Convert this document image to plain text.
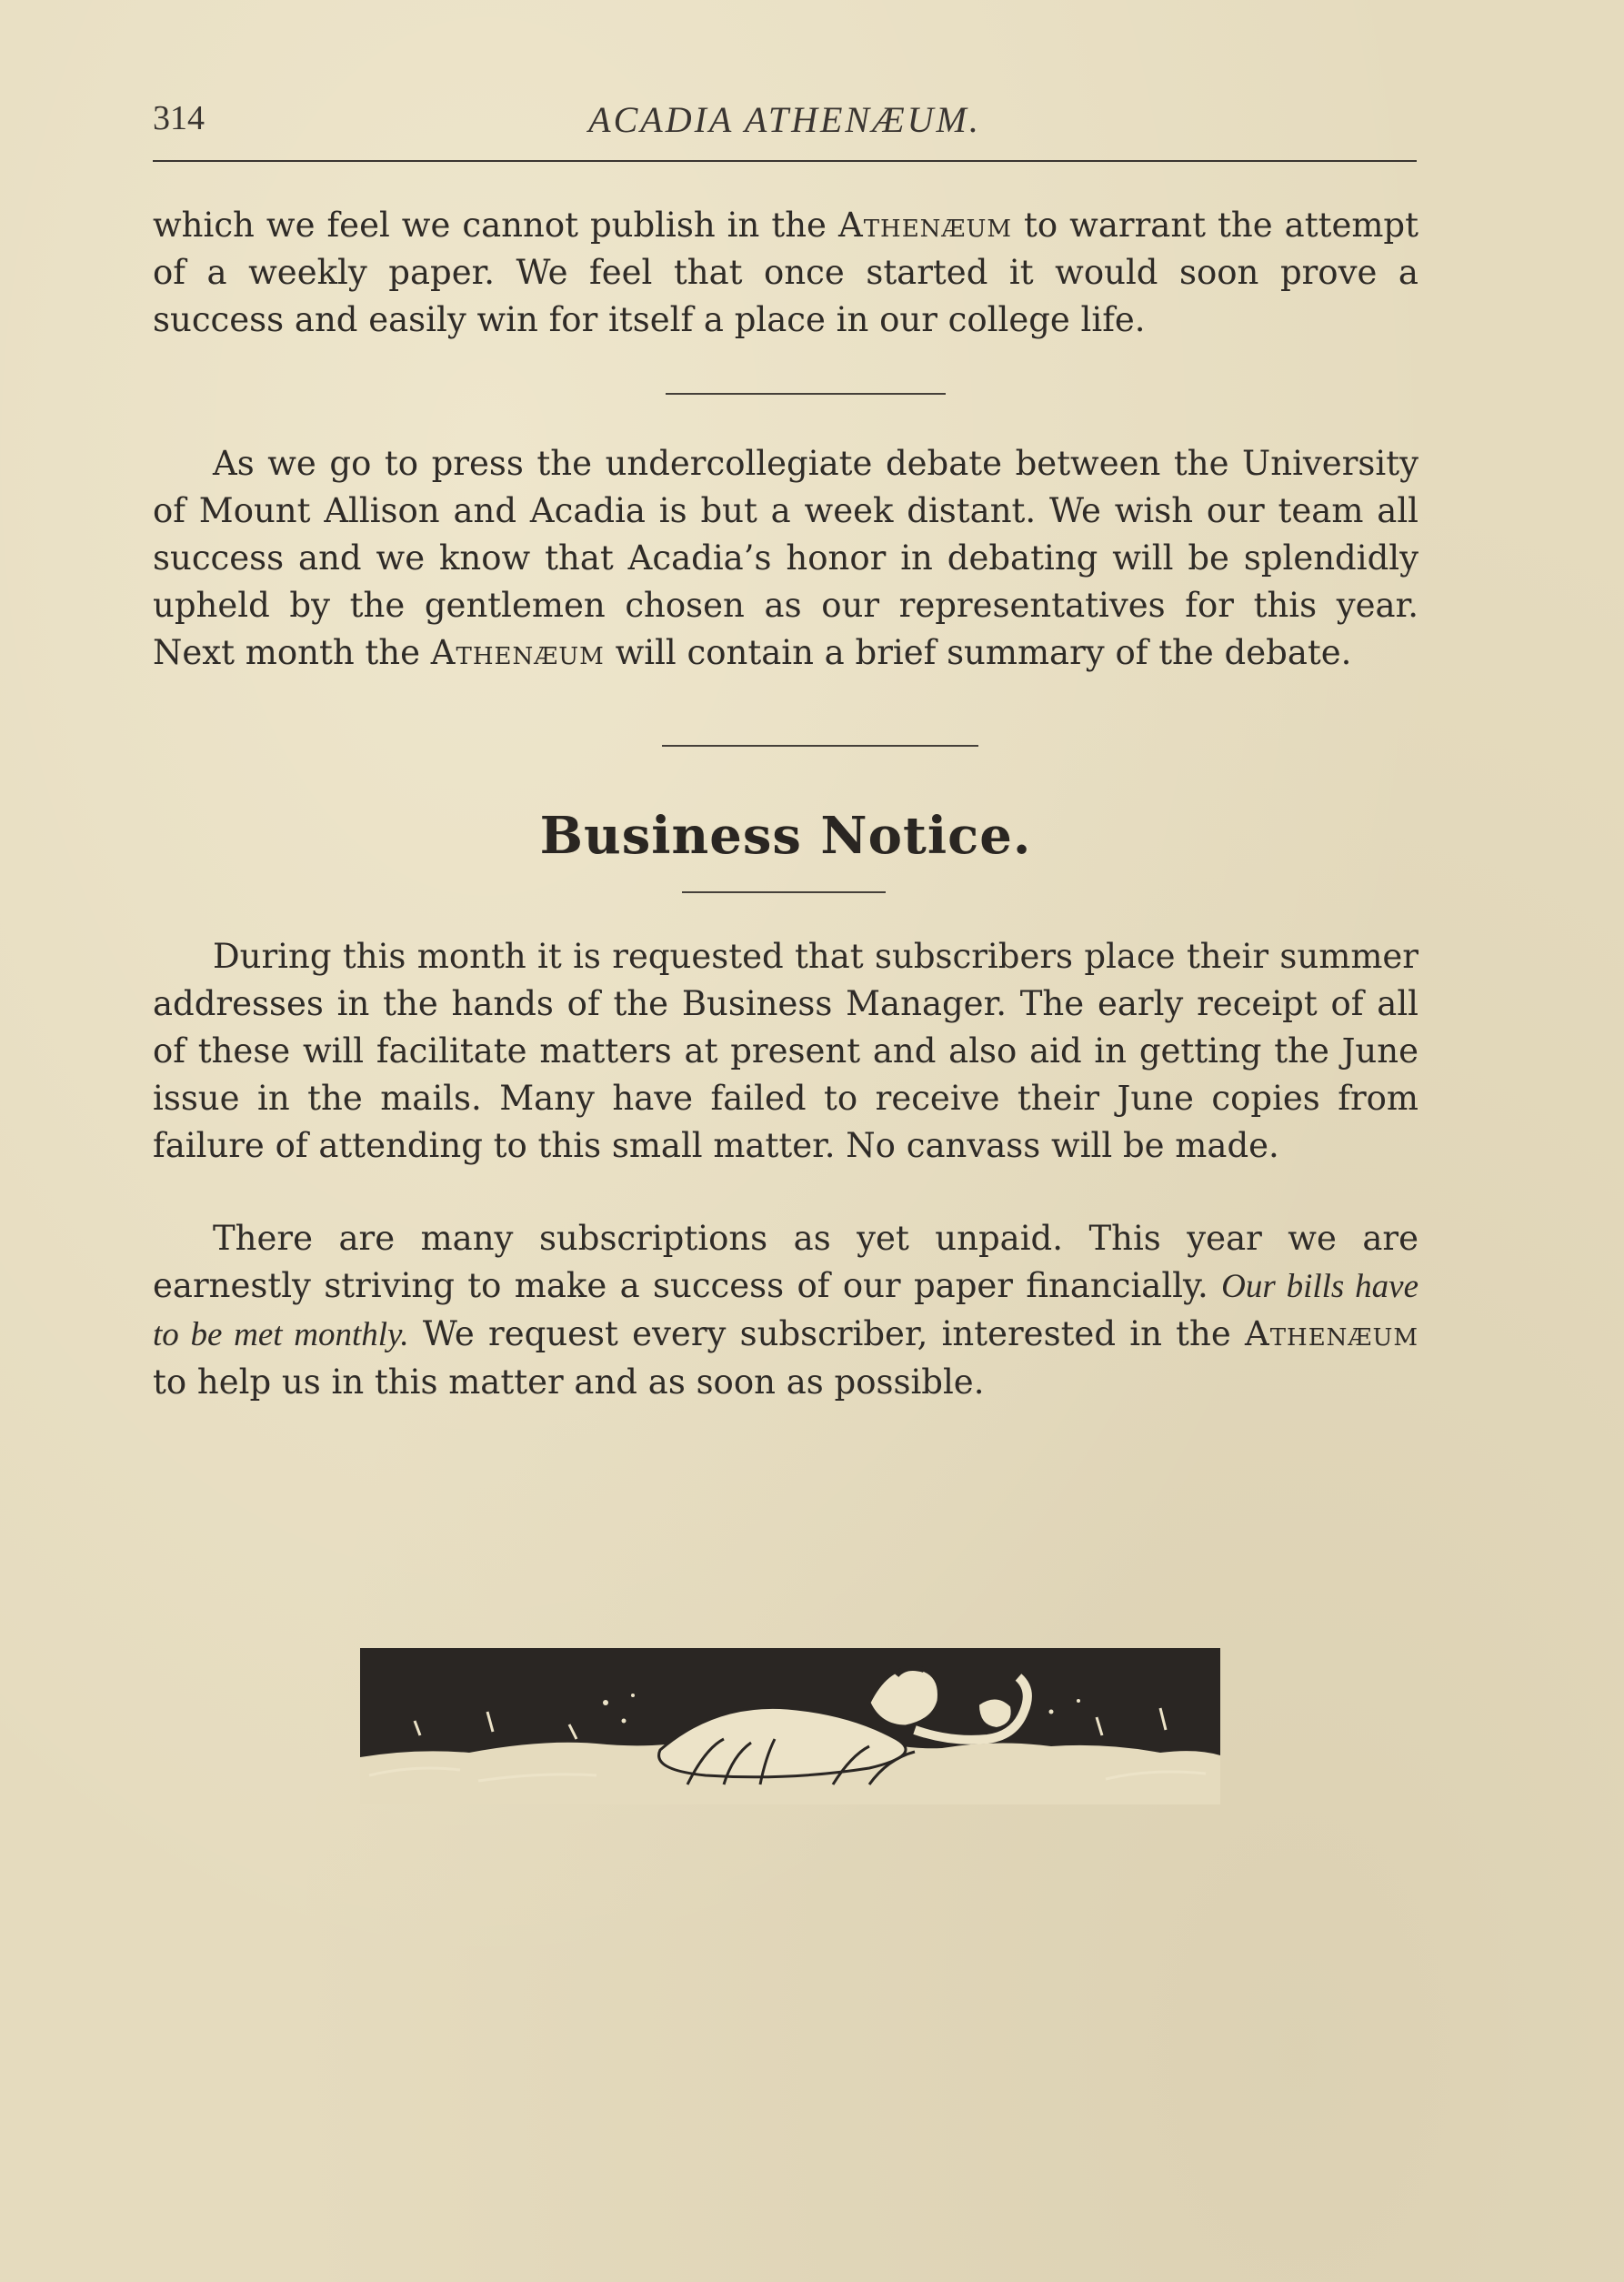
314	ACADIA ATHENÆUM.

which we feel we cannot publish in the Athenæum to warrant the attempt of a weekly paper. We feel that once started it would soon prove a success and easily win for itself a place in our college life.

As we go to press the undercollegiate debate between the University of Mount Allison and Acadia is but a week distant. We wish our team all success and we know that Acadia’s honor in debating will be splendidly upheld by the gentlemen chosen as our representatives for this year. Next month the Athenæum will contain a brief summary of the debate.

Business Notice.

During this month it is requested that subscribers place their summer addresses in the hands of the Business Manager. The early receipt of all of these will facilitate matters at present and also aid in getting the June issue in the mails. Many have failed to receive their June copies from failure of attending to this small matter. No canvass will be made.

There are many subscriptions as yet unpaid. This year we are earnestly striving to make a success of our paper financially. Our bills have to be met monthly. We request every subscriber, interested in the Athenæum to help us in this matter and as soon as possible.
